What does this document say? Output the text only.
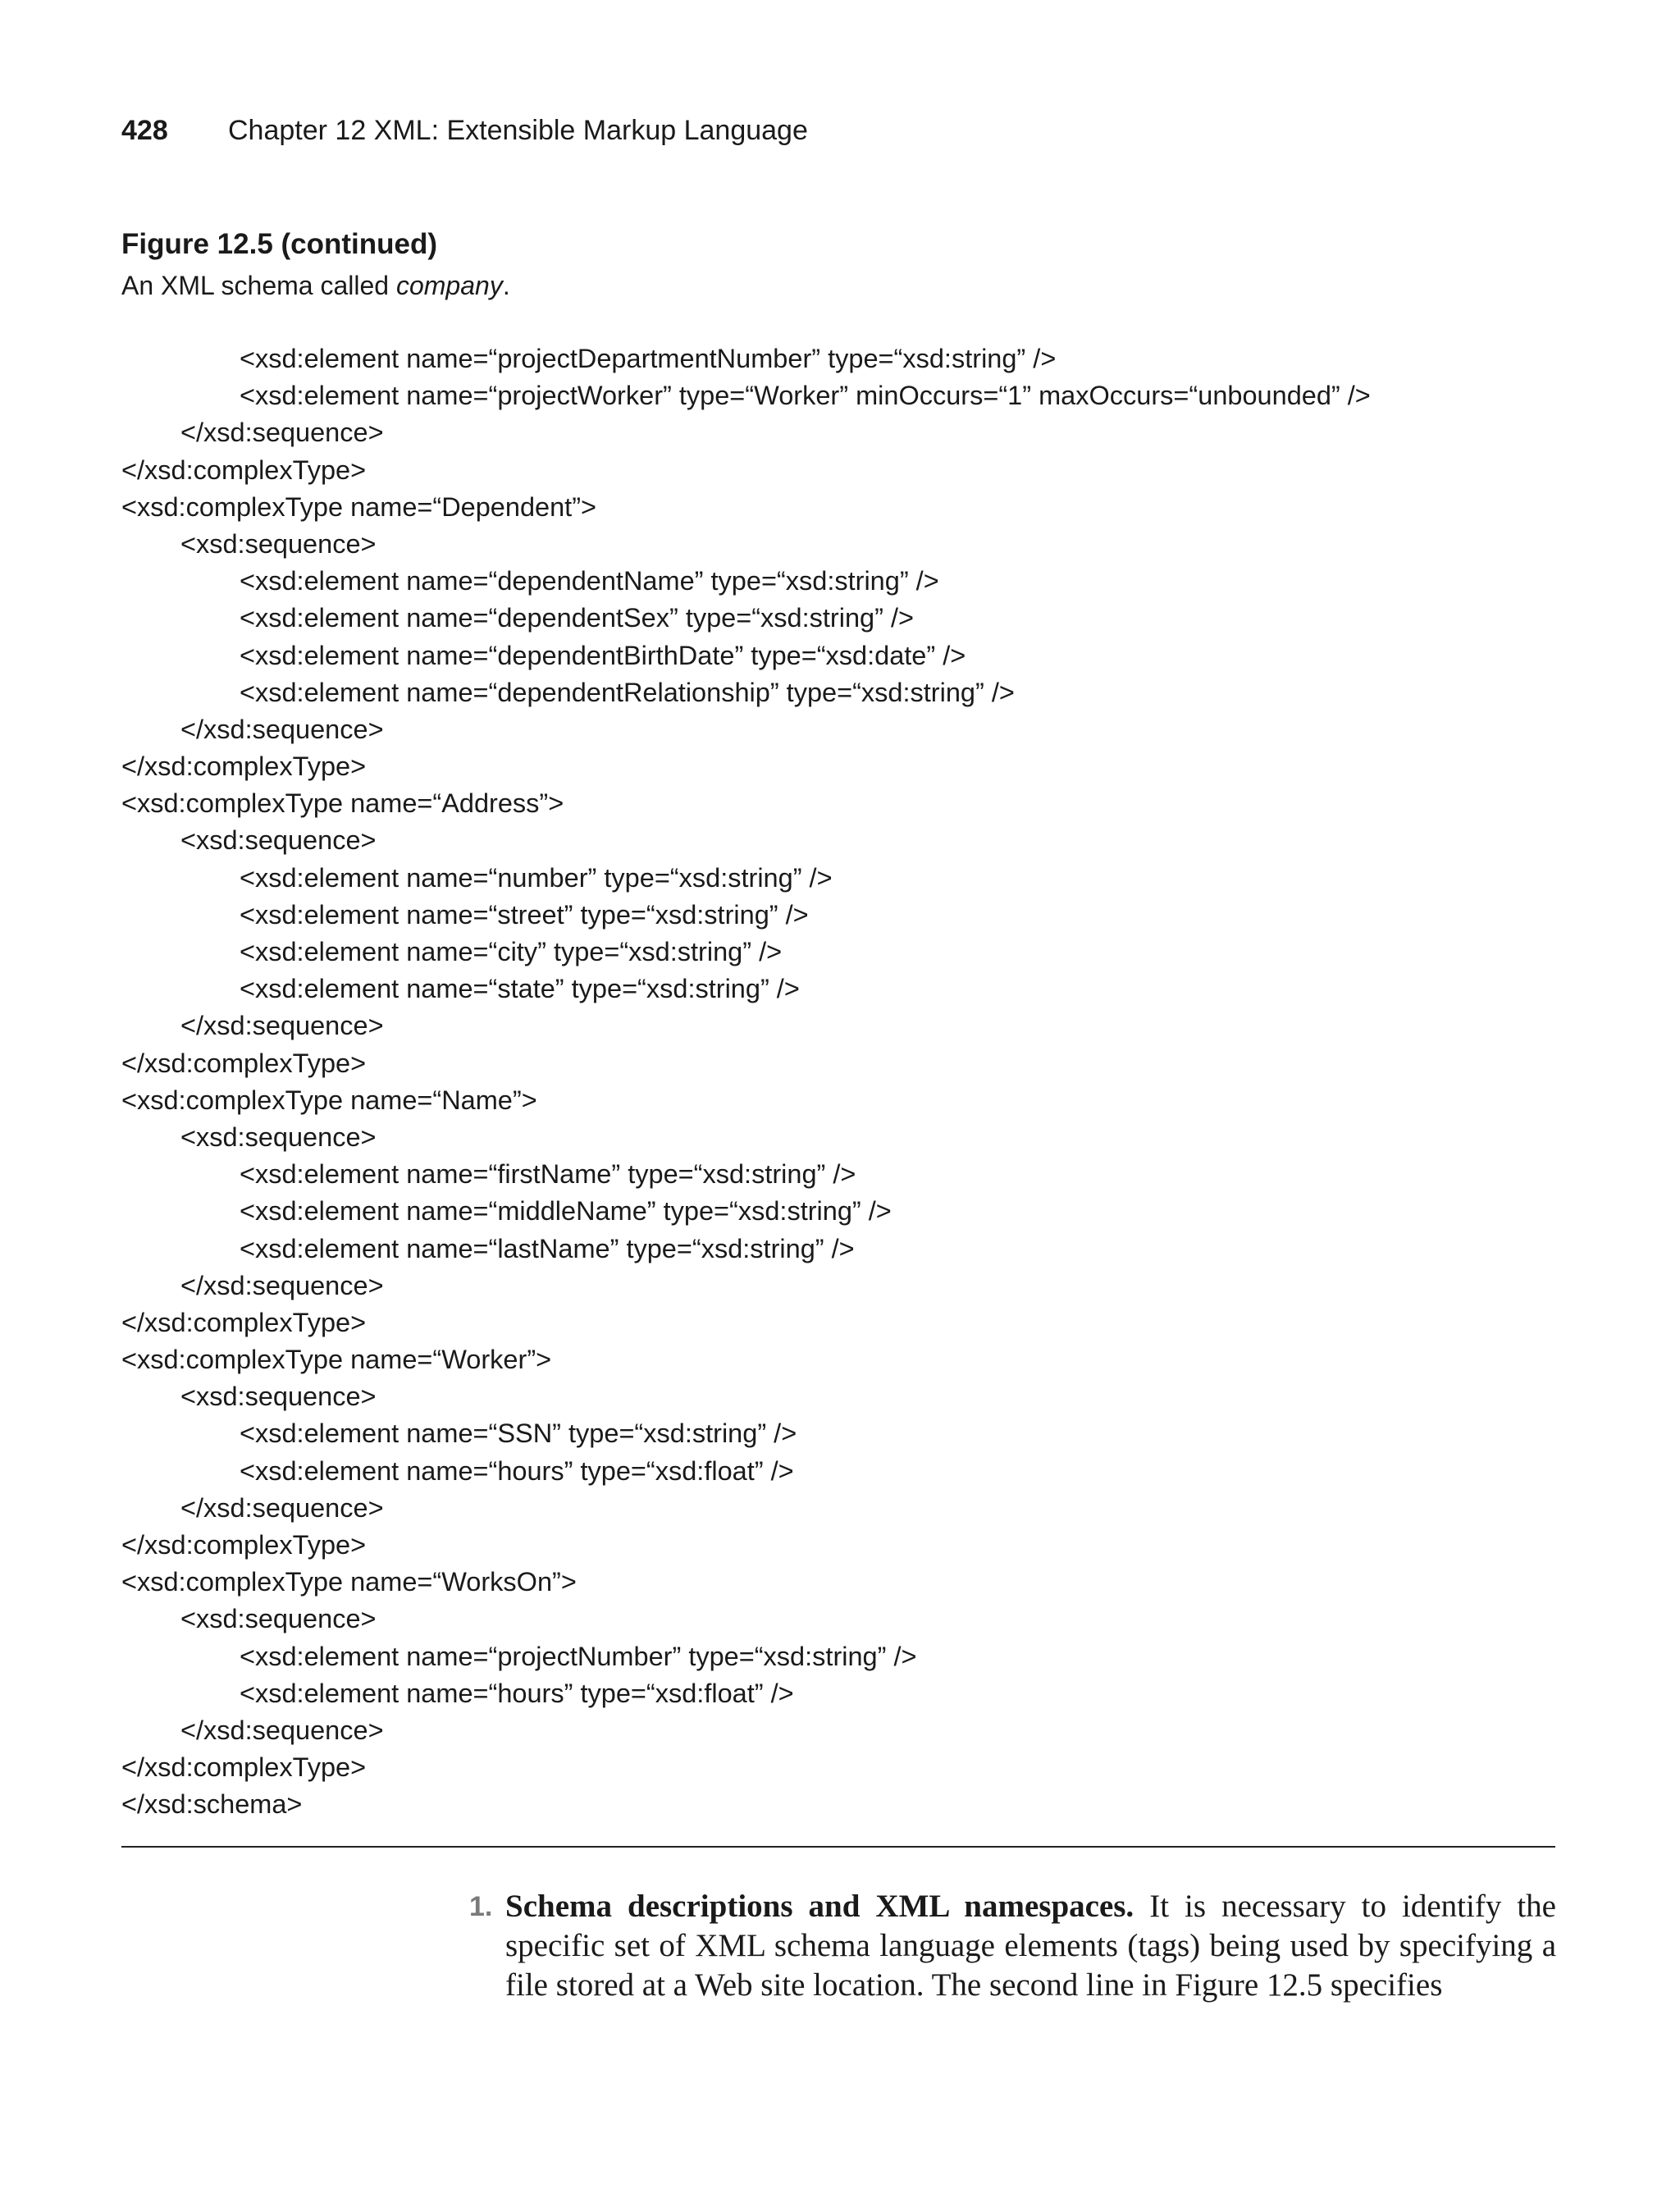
428 Chapter 12 XML: Extensible Markup Language
Figure 12.5 (continued)
An XML schema called company.
<xsd:element name=“projectDepartmentNumber” type=“xsd:string” />
<xsd:element name=“projectWorker” type=“Worker” minOccurs=“1” maxOccurs=“unbounded” />
</xsd:sequence>
</xsd:complexType>
<xsd:complexType name=“Dependent”>
<xsd:sequence>
<xsd:element name=“dependentName” type=“xsd:string” />
<xsd:element name=“dependentSex” type=“xsd:string” />
<xsd:element name=“dependentBirthDate” type=“xsd:date” />
<xsd:element name=“dependentRelationship” type=“xsd:string” />
</xsd:sequence>
</xsd:complexType>
<xsd:complexType name=“Address”>
<xsd:sequence>
<xsd:element name=“number” type=“xsd:string” />
<xsd:element name=“street” type=“xsd:string” />
<xsd:element name=“city” type=“xsd:string” />
<xsd:element name=“state” type=“xsd:string” />
</xsd:sequence>
</xsd:complexType>
<xsd:complexType name=“Name”>
<xsd:sequence>
<xsd:element name=“firstName” type=“xsd:string” />
<xsd:element name=“middleName” type=“xsd:string” />
<xsd:element name=“lastName” type=“xsd:string” />
</xsd:sequence>
</xsd:complexType>
<xsd:complexType name=“Worker”>
<xsd:sequence>
<xsd:element name=“SSN” type=“xsd:string” />
<xsd:element name=“hours” type=“xsd:float” />
</xsd:sequence>
</xsd:complexType>
<xsd:complexType name=“WorksOn”>
<xsd:sequence>
<xsd:element name=“projectNumber” type=“xsd:string” />
<xsd:element name=“hours” type=“xsd:float” />
</xsd:sequence>
</xsd:complexType>
</xsd:schema>
1. Schema descriptions and XML namespaces. It is necessary to identify the specific set of XML schema language elements (tags) being used by specifying a file stored at a Web site location. The second line in Figure 12.5 specifies
